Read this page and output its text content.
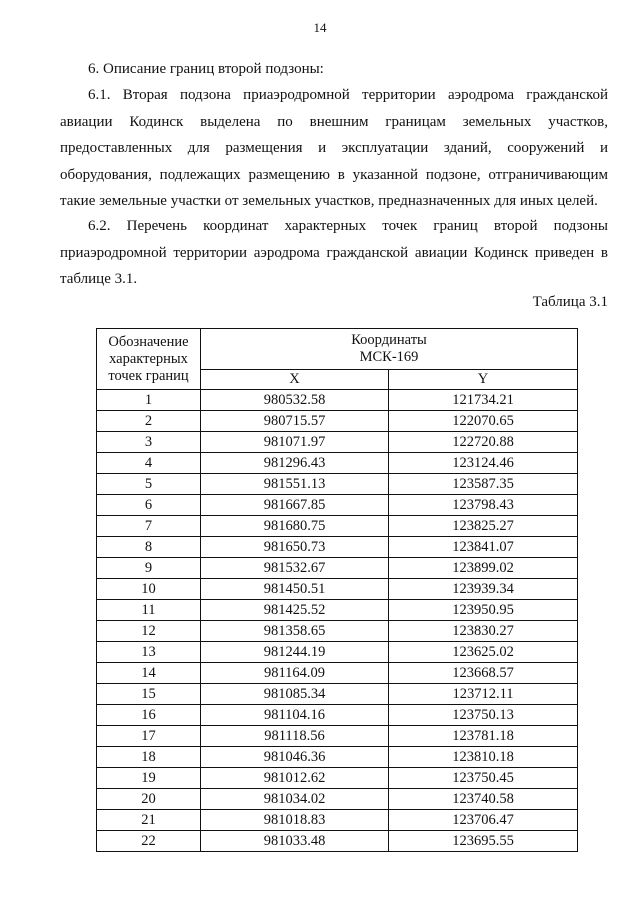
14
6. Описание границ второй подзоны:

6.1. Вторая подзона приаэродромной территории аэродрома гражданской авиации Кодинск выделена по внешним границам земельных участков, предоставленных для размещения и эксплуатации зданий, сооружений и оборудования, подлежащих размещению в указанной подзоне, отграничивающим такие земельные участки от земельных участков, предназначенных для иных целей.

6.2. Перечень координат характерных точек границ второй подзоны приаэродромной территории аэродрома гражданской авиации Кодинск приведен в таблице 3.1.

Таблица 3.1
Обозначение характерных точек границ	Координаты
МСК-169	

	X	Y
1	980532.58	121734.21
2	980715.57	122070.65
3	981071.97	122720.88
4	981296.43	123124.46
5	981551.13	123587.35
6	981667.85	123798.43
7	981680.75	123825.27
8	981650.73	123841.07
9	981532.67	123899.02
10	981450.51	123939.34
11	981425.52	123950.95
12	981358.65	123830.27
13	981244.19	123625.02
14	981164.09	123668.57
15	981085.34	123712.11
16	981104.16	123750.13
17	981118.56	123781.18
18	981046.36	123810.18
19	981012.62	123750.45
20	981034.02	123740.58
21	981018.83	123706.47
22	981033.48	123695.55
